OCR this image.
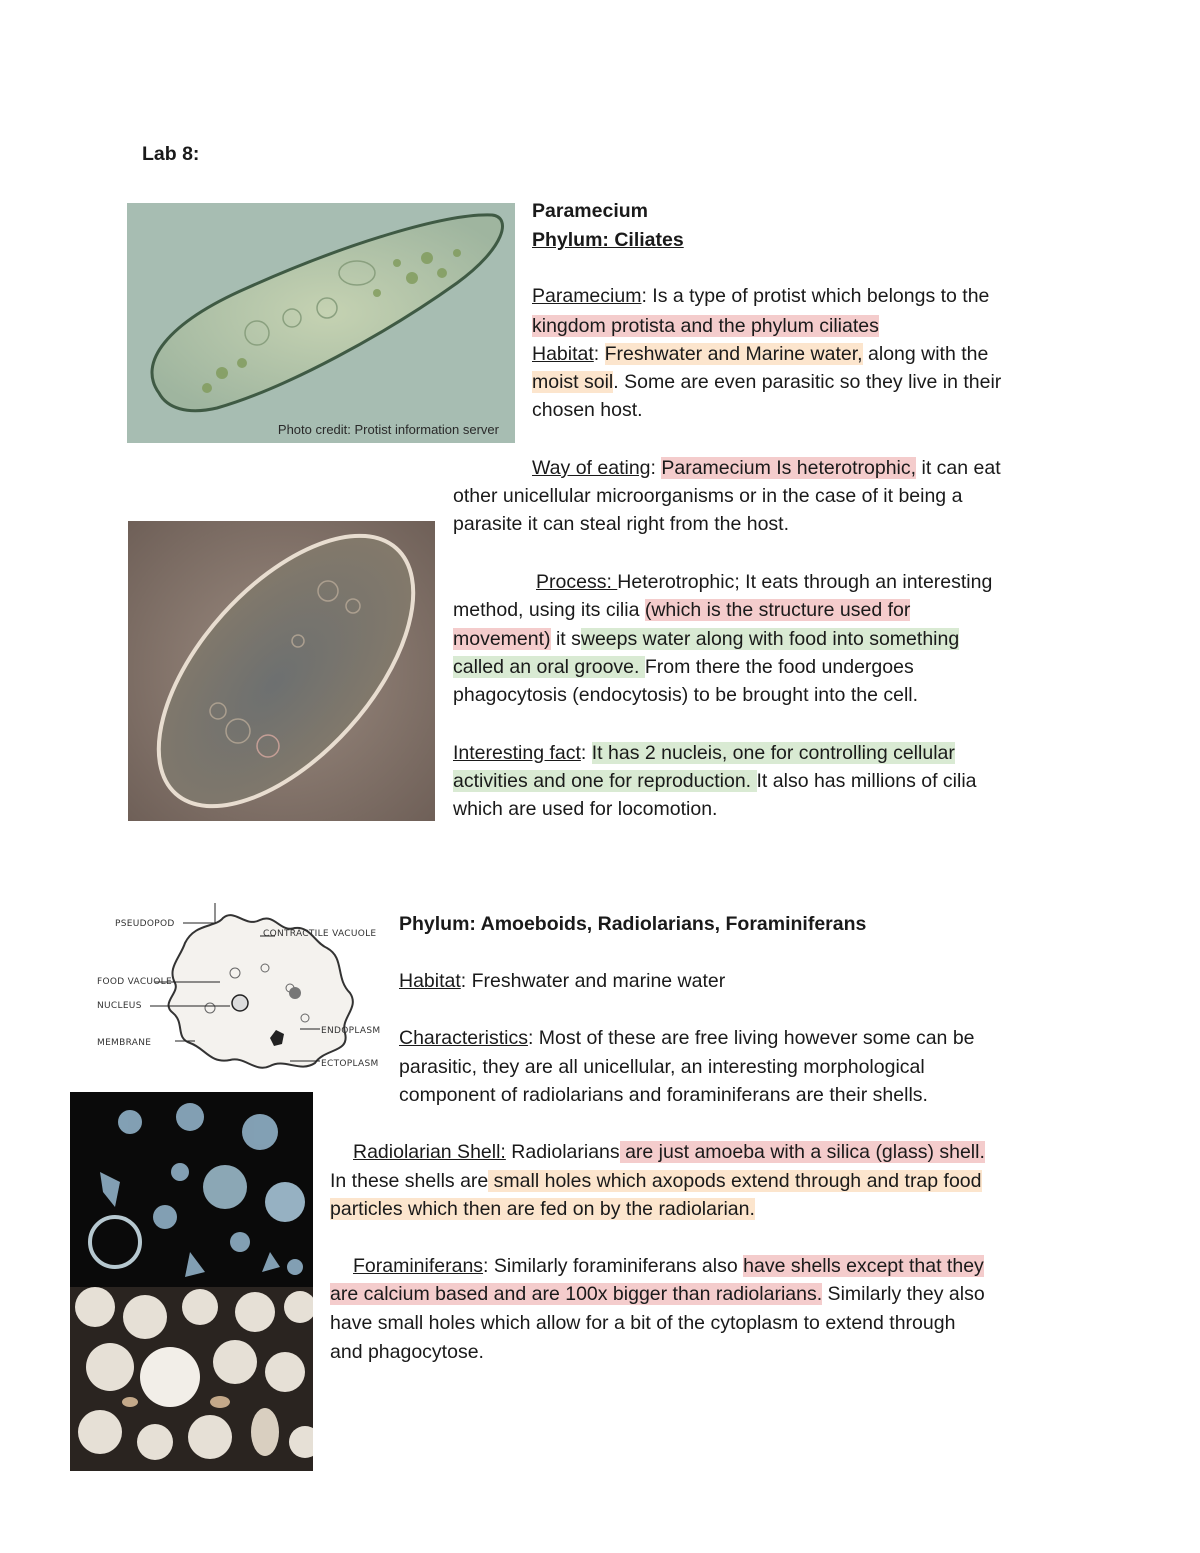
Lab 8:
Photo credit: Protist information server
Paramecium
Phylum: Ciliates
Paramecium: Is a type of protist which belongs to the
kingdom protista and the phylum ciliates
Habitat: Freshwater and Marine water, along with the
moist soil. Some are even parasitic so they live in their
chosen host.
Way of eating: Paramecium Is heterotrophic, it can eat
other unicellular microorganisms or in the case of it being a
parasite it can steal right from the host.
Process: Heterotrophic; It eats through an interesting
method, using its cilia (which is the structure used for
movement) it sweeps water along with food into something
called an oral groove. From there the food undergoes
phagocytosis (endocytosis) to be brought into the cell.
Interesting fact: It has 2 nucleis, one for controlling cellular
activities and one for reproduction. It also has millions of cilia
which are used for locomotion.
PSEUDOPOD
CONTRACTILE VACUOLE
FOOD VACUOLE
NUCLEUS
MEMBRANE
ENDOPLASM
ECTOPLASM
Phylum: Amoeboids, Radiolarians, Foraminiferans
Habitat: Freshwater and marine water
Characteristics: Most of these are free living however some can be
parasitic, they are all unicellular, an interesting morphological
component of radiolarians and foraminiferans are their shells.
Radiolarian Shell: Radiolarians are just amoeba with a silica (glass) shell.
In these shells are small holes which axopods extend through and trap food
particles which then are fed on by the radiolarian.
Foraminiferans: Similarly foraminiferans also have shells except that they
are calcium based and are 100x bigger than radiolarians. Similarly they also
have small holes which allow for a bit of the cytoplasm to extend through
and phagocytose.
